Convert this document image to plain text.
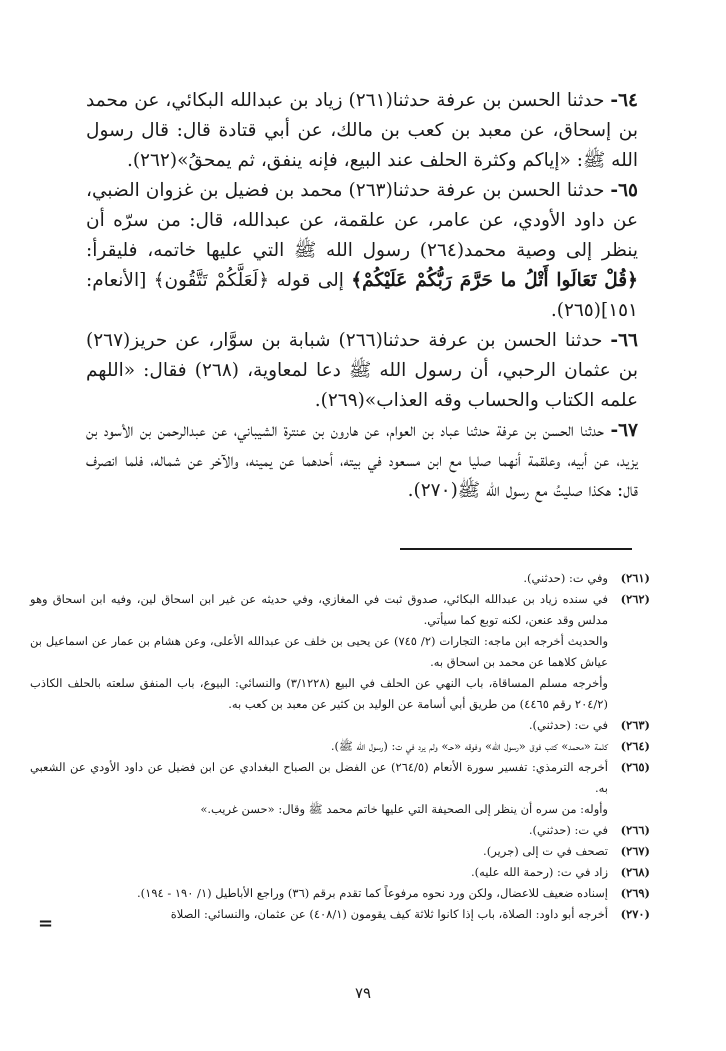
٦٤- حدثنا الحسن بن عرفة حدثنا(٢٦١) زياد بن عبدالله البكائي، عن محمد بن إسحاق، عن معبد بن كعب بن مالك، عن أبي قتادة قال: قال رسول الله ﷺ: «إياكم وكثرة الحلف عند البيع، فإنه ينفق، ثم يمحقُ»(٢٦٢).

٦٥- حدثنا الحسن بن عرفة حدثنا(٢٦٣) محمد بن فضيل بن غزوان الضبي، عن داود الأودي، عن عامر، عن علقمة، عن عبدالله، قال: من سرّه أن ينظر إلى وصية محمد(٢٦٤) رسول الله ﷺ التي عليها خاتمه، فليقرأ: ﴿قُلْ تَعَالَوا أَتْلُ ما حَرَّمَ رَبُّكُمْ عَلَيْكُمْ﴾ إلى قوله ﴿لَعَلَّكُمْ تَتَّقُون﴾ [الأنعام: ١٥١](٢٦٥).

٦٦- حدثنا الحسن بن عرفة حدثنا(٢٦٦) شبابة بن سوَّار، عن حريز(٢٦٧) بن عثمان الرحبي، أن رسول الله ﷺ دعا لمعاوية، (٢٦٨) فقال: «اللهم علمه الكتاب والحساب وقه العذاب»(٢٦٩).

٦٧- حدثنا الحسن بن عرفة حدثنا عباد بن العوام، عن هارون بن عنترة الشيباني، عن عبدالرحمن بن الأسود بن يزيد، عن أبيه، وعلقمة أنهما صليا مع ابن مسعود في بيته، أحدهما عن يمينه، والآخر عن شماله، فلما انصرف قال: هكذا صليتُ مع رسول الله ﷺ(٢٧٠).

(٢٦١)
وفي ت: (حدثني).
(٢٦٢)
في سنده زياد بن عبدالله البكائي، صدوق ثبت في المغازي، وفي حديثه عن غير ابن اسحاق لين، وفيه ابن اسحاق وهو مدلس وقد عنعن، لكنه توبع كما سيأتي.
والحديث أخرجه ابن ماجه: التجارات (٢/ ٧٤٥) عن يحيى بن خلف عن عبدالله الأعلى، وعن هشام بن عمار عن اسماعيل بن عياش كلاهما عن محمد بن اسحاق به.
وأخرجه مسلم المساقاة، باب النهي عن الحلف في البيع (٣/١٢٢٨) والنسائي: البيوع، باب المنفق سلعته بالحلف الكاذب (٢٠٤/٢ رقم ٤٤٦٥) من طريق أبي أسامة عن الوليد بن كثير عن معبد بن كعب به.
(٢٦٣)
في ت: (حدثني).
(٢٦٤)
كلمة «محمد» كتب فوق «رسول الله» وفوقه «حـ» ولم يرد في ت: (رسول الله ﷺ).
(٢٦٥)
أخرجه الترمذي: تفسير سورة الأنعام (٢٦٤/٥) عن الفضل بن الصباح البغدادي عن ابن فضيل عن داود الأودي عن الشعبي به.
وأوله: من سره أن ينظر إلى الصحيفة التي عليها خاتم محمد ﷺ وقال: «حسن غريب.»
(٢٦٦)
في ت: (حدثني).
(٢٦٧)
تصحف في ت إلى (جرير).
(٢٦٨)
زاد في ت: (رحمة الله عليه).
(٢٦٩)
إسناده ضعيف للاعضال، ولكن ورد نحوه مرفوعاً كما تقدم برقم (٣٦) وراجع الأباطيل (١/ ١٩٠ - ١٩٤).
(٢٧٠)
أخرجه أبو داود: الصلاة، باب إذا كانوا ثلاثة كيف يقومون (٤٠٨/١) عن عثمان، والنسائي: الصلاة
=
٧٩
